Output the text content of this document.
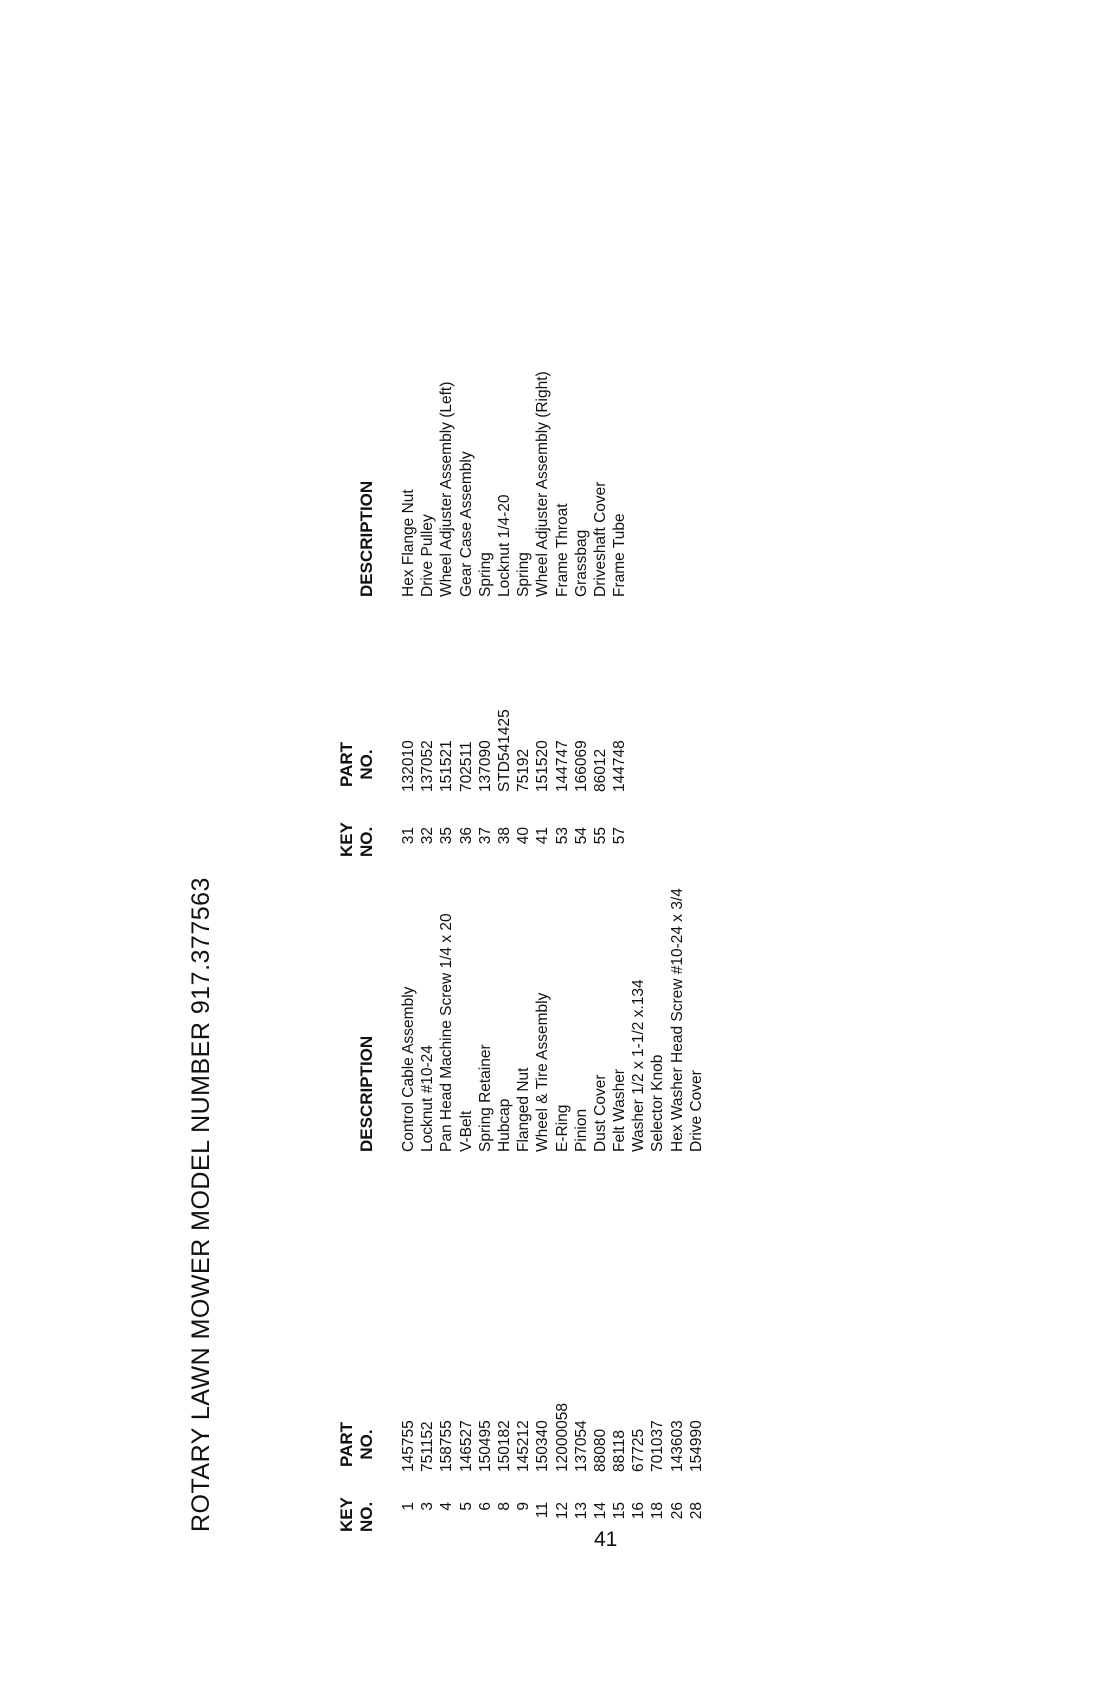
ROTARY LAWN MOWER MODEL NUMBER 917.377563	KEY NO.
PART NO.
DESCRIPTION
1 3 4 5 6 8 9 11 12 13 14 15 16 18 26 28
145755 751152 158755 146527 150495 150182 145212 150340 12000058 137054 88080 88118 67725 701037 143603 154990
Control Cable Assembly Locknut #10-24 Pan Head Machine Screw 1/4 x 20 V-Belt Spring Retainer Hubcap Flanged Nut Wheel & Tire Assembly E-Ring Pinion Dust Cover Felt Washer Washer 1/2 x 1-1/2 x.134 Selector Knob Hex Washer Head Screw #10-24 x 3/4 Drive Cover
KEY NO.
PART NO.
DESCRIPTION
31 32 35 36 37 38 40 41 53 54 55 57
132010 137052 151521 702511 137090 STD541425 75192 151520 144747 166069 86012 144748
Hex Flange Nut Drive Pulley Wheel Adjuster Assembly (Left) Gear Case Assembly Spring Locknut 1/4-20 Spring Wheel Adjuster Assembly (Right) Frame Throat Grassbag Driveshaft Cover Frame Tube
41
